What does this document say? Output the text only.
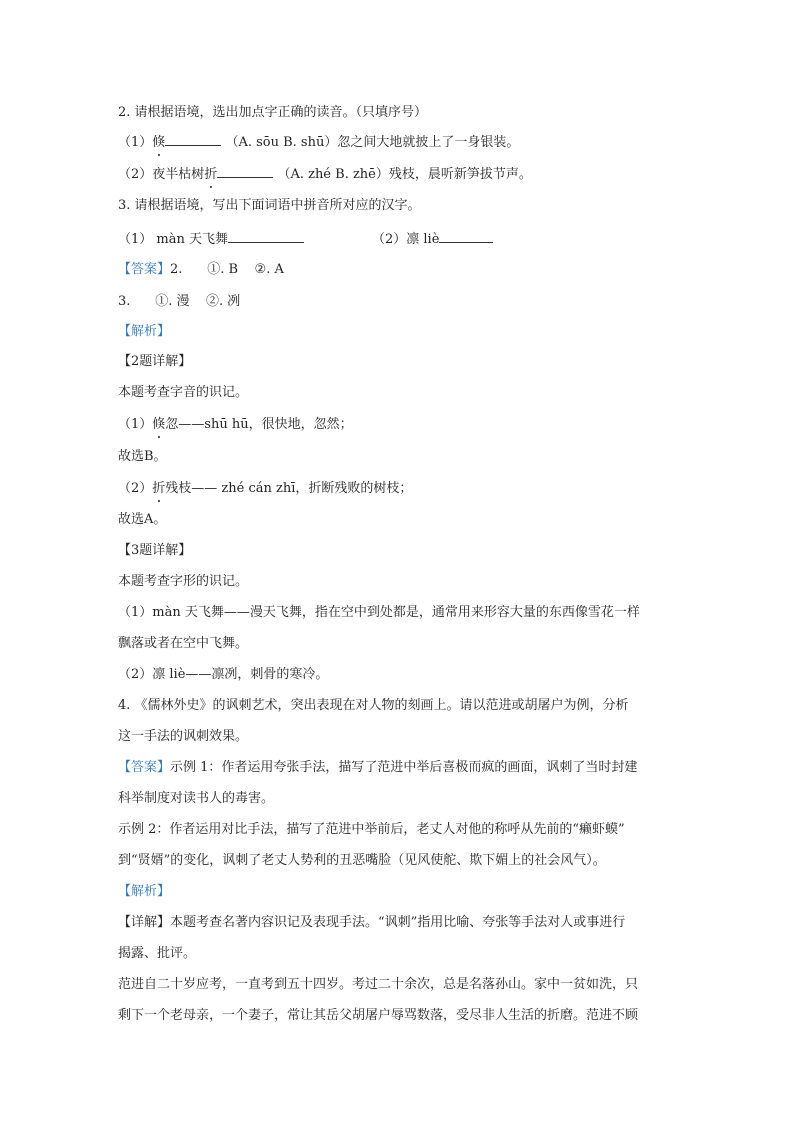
2. 请根据语境，选出加点字正确的读音。（只填序号）
（1）倏	（A. sōu B. shū）忽之间大地就披上了一身银装。
（2）夜半枯树折	（A. zhé B. zhē）残枝，晨听新笋拔节声。
3. 请根据语境，写出下面词语中拼音所对应的汉字。
（1） màn 天飞舞	（2）凛 liè
【答案】2.      ①. B    ②. A
3.      ①. 漫    ②. 冽
【解析】
【2题详解】
本题考查字音的识记。
（1）倏忽——shū hū，很快地，忽然；
故选B。
（2）折残枝—— zhé cán zhī，折断残败的树枝；
故选A。
【3题详解】
本题考查字形的识记。
（1）màn 天飞舞——漫天飞舞，指在空中到处都是，通常用来形容大量的东西像雪花一样
飘落或者在空中飞舞。
（2）凛 liè——凛冽，刺骨的寒冷。
4. 《儒林外史》的讽刺艺术，突出表现在对人物的刻画上。请以范进或胡屠户为例，分析
这一手法的讽刺效果。
【答案】示例 1：作者运用夸张手法，描写了范进中举后喜极而疯的画面，讽刺了当时封建
科举制度对读书人的毒害。
示例 2：作者运用对比手法，描写了范进中举前后，老丈人对他的称呼从先前的“癞虾蟆”
到“贤婿”的变化，讽刺了老丈人势利的丑恶嘴脸（见风使舵、欺下媚上的社会风气）。
【解析】
【详解】本题考查名著内容识记及表现手法。“讽刺”指用比喻、夸张等手法对人或事进行
揭露、批评。
范进自二十岁应考，一直考到五十四岁。考过二十余次，总是名落孙山。家中一贫如洗，只
剩下一个老母亲，一个妻子，常让其岳父胡屠户辱骂数落，受尽非人生活的折磨。范进不顾
